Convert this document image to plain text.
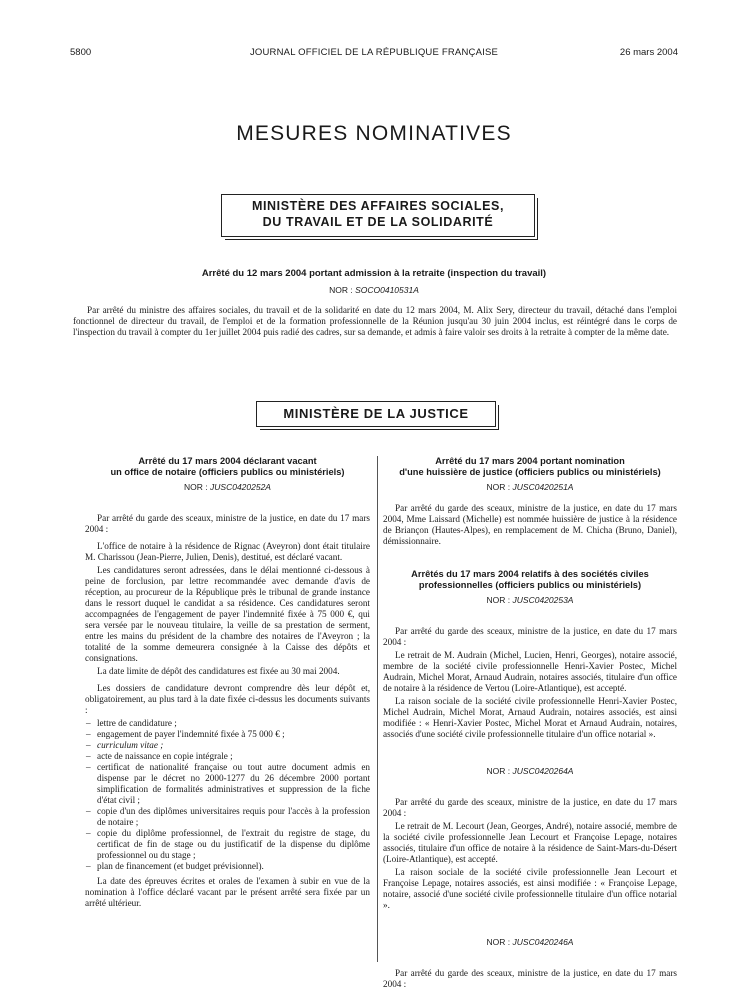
5800	JOURNAL OFFICIEL DE LA RÉPUBLIQUE FRANÇAISE	26 mars 2004
MESURES NOMINATIVES
MINISTÈRE DES AFFAIRES SOCIALES,
DU TRAVAIL ET DE LA SOLIDARITÉ
Arrêté du 12 mars 2004 portant admission à la retraite (inspection du travail)
NOR : SOCO0410531A

Par arrêté du ministre des affaires sociales, du travail et de la solidarité en date du 12 mars 2004, M. Alix Sery, directeur du travail, détaché dans l'emploi fonctionnel de directeur du travail, de l'emploi et de la formation professionnelle de la Réunion jusqu'au 30 juin 2004 inclus, est réintégré dans le corps de l'inspection du travail à compter du 1er juillet 2004 puis radié des cadres, sur sa demande, et admis à faire valoir ses droits à la retraite à compter de la même date.

MINISTÈRE DE LA JUSTICE

Arrêté du 17 mars 2004 déclarant vacant

un office de notaire (officiers publics ou ministériels)

NOR : JUSC0420252A

Par arrêté du garde des sceaux, ministre de la justice, en date du 17 mars 2004 :

L'office de notaire à la résidence de Rignac (Aveyron) dont était titulaire M. Charissou (Jean-Pierre, Julien, Denis), destitué, est déclaré vacant.

Les candidatures seront adressées, dans le délai mentionné ci-dessous à peine de forclusion, par lettre recommandée avec demande d'avis de réception, au procureur de la République près le tribunal de grande instance dans le ressort duquel le candidat a sa résidence. Ces candidatures seront accompagnées de l'engagement de payer l'indemnité fixée à 75 000 €, qui sera versée par le nouveau titulaire, la veille de sa prestation de serment, entre les mains du président de la chambre des notaires de l'Aveyron ; la totalité de la somme demeurera consignée à la Caisse des dépôts et consignations.

La date limite de dépôt des candidatures est fixée au 30 mai 2004.

Les dossiers de candidature devront comprendre dès leur dépôt et, obligatoirement, au plus tard à la date fixée ci-dessus les documents suivants :

– lettre de candidature ;
– engagement de payer l'indemnité fixée à 75 000 € ;
– curriculum vitae ;
– acte de naissance en copie intégrale ;
– certificat de nationalité française ou tout autre document admis en dispense par le décret no 2000-1277 du 26 décembre 2000 portant simplification de formalités administratives et suppression de la fiche d'état civil ;
– copie d'un des diplômes universitaires requis pour l'accès à la profession de notaire ;
– copie du diplôme professionnel, de l'extrait du registre de stage, du certificat de fin de stage ou du justificatif de la dispense du diplôme professionnel ou du stage ;
– plan de financement (et budget prévisionnel).

La date des épreuves écrites et orales de l'examen à subir en vue de la nomination à l'office déclaré vacant par le présent arrêté sera fixée par un arrêté ultérieur.

Arrêté du 17 mars 2004 portant nomination

d'une huissière de justice (officiers publics ou ministériels)

NOR : JUSC0420251A

Par arrêté du garde des sceaux, ministre de la justice, en date du 17 mars 2004, Mme Laissard (Michelle) est nommée huissière de justice à la résidence de Briançon (Hautes-Alpes), en remplacement de M. Chicha (Bruno, Daniel), démissionnaire.

Arrêtés du 17 mars 2004 relatifs à des sociétés civiles

professionnelles (officiers publics ou ministériels)

NOR : JUSC0420253A

Par arrêté du garde des sceaux, ministre de la justice, en date du 17 mars 2004 :

Le retrait de M. Audrain (Michel, Lucien, Henri, Georges), notaire associé, membre de la société civile professionnelle Henri-Xavier Postec, Michel Audrain, Michel Morat, Arnaud Audrain, notaires associés, titulaire d'un office de notaire à la résidence de Vertou (Loire-Atlantique), est accepté.

La raison sociale de la société civile professionnelle Henri-Xavier Postec, Michel Audrain, Michel Morat, Arnaud Audrain, notaires associés, est ainsi modifiée : « Henri-Xavier Postec, Michel Morat et Arnaud Audrain, notaires, associés d'une société civile professionnelle titulaire d'un office notarial ».

NOR : JUSC0420264A

Par arrêté du garde des sceaux, ministre de la justice, en date du 17 mars 2004 :

Le retrait de M. Lecourt (Jean, Georges, André), notaire associé, membre de la société civile professionnelle Jean Lecourt et Françoise Lepage, notaires associés, titulaire d'un office de notaire à la résidence de Saint-Mars-du-Désert (Loire-Atlantique), est accepté.

La raison sociale de la société civile professionnelle Jean Lecourt et Françoise Lepage, notaires associés, est ainsi modifiée : « Françoise Lepage, notaire, associé d'une société civile professionnelle titulaire d'un office notarial ».

NOR : JUSC0420246A

Par arrêté du garde des sceaux, ministre de la justice, en date du 17 mars 2004 :
